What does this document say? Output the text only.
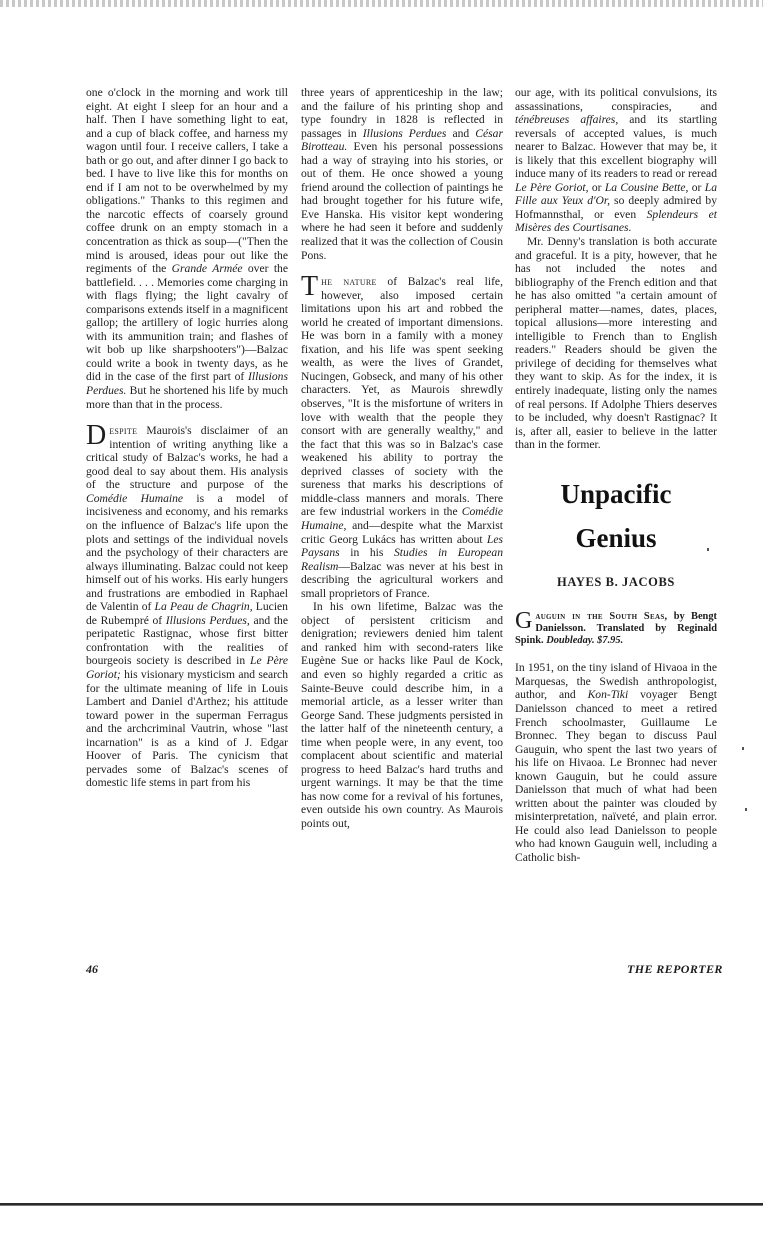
one o'clock in the morning and work till eight. At eight I sleep for an hour and a half. Then I have something light to eat, and a cup of black coffee, and harness my wagon until four. I receive callers, I take a bath or go out, and after dinner I go back to bed. I have to live like this for months on end if I am not to be overwhelmed by my obligations." Thanks to this regimen and the narcotic effects of coarsely ground coffee drunk on an empty stomach in a concentration as thick as soup—("Then the mind is aroused, ideas pour out like the regiments of the Grande Armée over the battlefield. . . . Memories come charging in with flags flying; the light cavalry of comparisons extends itself in a magnificent gallop; the artillery of logic hurries along with its ammunition train; and flashes of wit bob up like sharpshooters")—Balzac could write a book in twenty days, as he did in the case of the first part of Illusions Perdues. But he shortened his life by much more than that in the process.

Despite Maurois's disclaimer of an intention of writing anything like a critical study of Balzac's works, he had a good deal to say about them. His analysis of the structure and purpose of the Comédie Humaine is a model of incisiveness and economy, and his remarks on the influence of Balzac's life upon the plots and settings of the individual novels and the psychology of their characters are always illuminating. Balzac could not keep himself out of his works. His early hungers and frustrations are embodied in Raphael de Valentin of La Peau de Chagrin, Lucien de Rubempré of Illusions Perdues, and the peripatetic Rastignac, whose first bitter confrontation with the realities of bourgeois society is described in Le Père Goriot; his visionary mysticism and search for the ultimate meaning of life in Louis Lambert and Daniel d'Arthez; his attitude toward power in the superman Ferragus and the archcriminal Vautrin, whose "last incarnation" is as a kind of J. Edgar Hoover of Paris. The cynicism that pervades some of Balzac's scenes of domestic life stems in part from his

three years of apprenticeship in the law; and the failure of his printing shop and type foundry in 1828 is reflected in passages in Illusions Perdues and César Birotteau. Even his personal possessions had a way of straying into his stories, or out of them. He once showed a young friend around the collection of paintings he had brought together for his future wife, Eve Hanska. His visitor kept wondering where he had seen it before and suddenly realized that it was the collection of Cousin Pons.

The nature of Balzac's real life, however, also imposed certain limitations upon his art and robbed the world he created of important dimensions. He was born in a family with a money fixation, and his life was spent seeking wealth, as were the lives of Grandet, Nucingen, Gobseck, and many of his other characters. Yet, as Maurois shrewdly observes, "It is the misfortune of writers in love with wealth that the people they consort with are generally wealthy," and the fact that this was so in Balzac's case weakened his ability to portray the deprived classes of society with the sureness that marks his descriptions of middle-class manners and morals. There are few industrial workers in the Comédie Humaine, and—despite what the Marxist critic Georg Lukács has written about Les Paysans in his Studies in European Realism—Balzac was never at his best in describing the agricultural workers and small proprietors of France.

In his own lifetime, Balzac was the object of persistent criticism and denigration; reviewers denied him talent and ranked him with second-raters like Eugène Sue or hacks like Paul de Kock, and even so highly regarded a critic as Sainte-Beuve could describe him, in a memorial article, as a lesser writer than George Sand. These judgments persisted in the latter half of the nineteenth century, a time when people were, in any event, too complacent about scientific and material progress to heed Balzac's hard truths and urgent warnings. It may be that the time has now come for a revival of his fortunes, even outside his own country. As Maurois points out,

our age, with its political convulsions, its assassinations, conspiracies, and ténébreuses affaires, and its startling reversals of accepted values, is much nearer to Balzac. However that may be, it is likely that this excellent biography will induce many of its readers to read or reread Le Père Goriot, or La Cousine Bette, or La Fille aux Yeux d'Or, so deeply admired by Hofmannsthal, or even Splendeurs et Misères des Courtisanes.

Mr. Denny's translation is both accurate and graceful. It is a pity, however, that he has not included the notes and bibliography of the French edition and that he has also omitted "a certain amount of peripheral matter—names, dates, places, topical allusions—more interesting and intelligible to French than to English readers." Readers should be given the privilege of deciding for themselves what they want to skip. As for the index, it is entirely inadequate, listing only the names of real persons. If Adolphe Thiers deserves to be included, why doesn't Rastignac? It is, after all, easier to believe in the latter than in the former.

Unpacific
Genius
HAYES B. JACOBS
Gauguin in the South Seas, by Bengt Danielsson. Translated by Reginald Spink. Doubleday. $7.95.

In 1951, on the tiny island of Hivaoa in the Marquesas, the Swedish anthropologist, author, and Kon-Tiki voyager Bengt Danielsson chanced to meet a retired French schoolmaster, Guillaume Le Bronnec. They began to discuss Paul Gauguin, who spent the last two years of his life on Hivaoa. Le Bronnec had never known Gauguin, but he could assure Danielsson that much of what had been written about the painter was clouded by misinterpretation, naïveté, and plain error. He could also lead Danielsson to people who had known Gauguin well, including a Catholic bish-

46	THE REPORTER
